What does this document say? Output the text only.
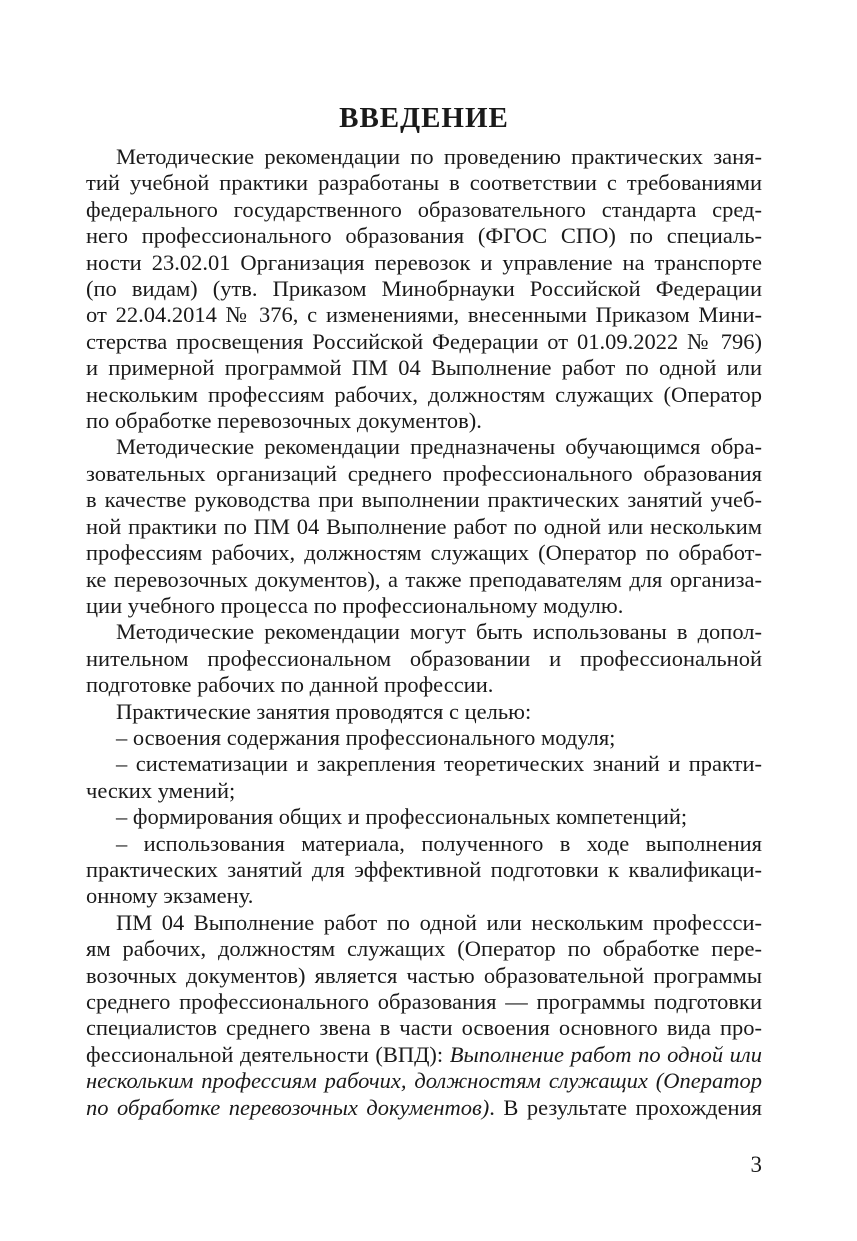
ВВЕДЕНИЕ

Методические рекомендации по проведению практических заня-
тий учебной практики разработаны в соответствии с требованиями
федерального государственного образовательного стандарта сред-
него профессионального образования (ФГОС СПО) по специаль-
ности 23.02.01 Организация перевозок и управление на транспорте
(по видам) (утв. Приказом Минобрнауки Российской Федерации
от 22.04.2014 № 376, с изменениями, внесенными Приказом Мини-
стерства просвещения Российской Федерации от 01.09.2022 № 796)
и примерной программой ПМ 04 Выполнение работ по одной или
нескольким профессиям рабочих, должностям служащих (Оператор
по обработке перевозочных документов).

Методические рекомендации предназначены обучающимся обра-
зовательных организаций среднего профессионального образования
в качестве руководства при выполнении практических занятий учеб-
ной практики по ПМ 04 Выполнение работ по одной или нескольким
профессиям рабочих, должностям служащих (Оператор по обработ-
ке перевозочных документов), а также преподавателям для организа-
ции учебного процесса по профессиональному модулю.

Методические рекомендации могут быть использованы в допол-
нительном профессиональном образовании и профессиональной
подготовке рабочих по данной профессии.

Практические занятия проводятся с целью:

– освоения содержания профессионального модуля;

– систематизации и закрепления теоретических знаний и практи-
ческих умений;

– формирования общих и профессиональных компетенций;

– использования материала, полученного в ходе выполнения
практических занятий для эффективной подготовки к квалификаци-
онному экзамену.

ПМ 04 Выполнение работ по одной или нескольким профессси-
ям рабочих, должностям служащих (Оператор по обработке пере-
возочных документов) является частью образовательной программы
среднего профессионального образования — программы подготовки
специалистов среднего звена в части освоения основного вида про-
фессиональной деятельности (ВПД): Выполнение работ по одной или
нескольким профессиям рабочих, должностям служащих (Оператор
по обработке перевозочных документов). В результате прохождения

3
